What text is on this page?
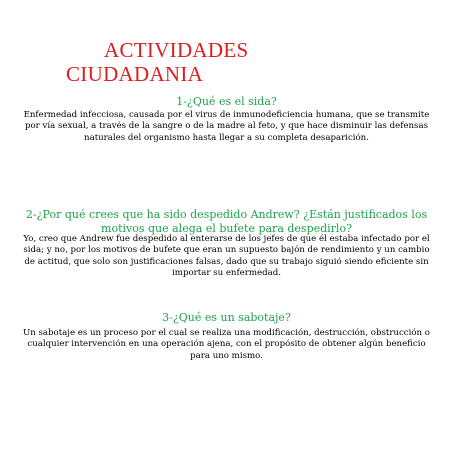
ACTIVIDADES
CIUDADANIA
1-¿Qué es el sida?

Enfermedad infecciosa, causada por el virus de inmunodeficiencia humana, que se transmite por vía sexual, a través de la sangre o de la madre al feto, y que hace disminuir las defensas naturales del organismo hasta llegar a su completa desaparición.

2-¿Por qué crees que ha sido despedido Andrew? ¿Están justificados los motivos que alega el bufete para despedirlo?

Yo, creo que Andrew fue despedido al enterarse de los jefes de que él estaba infectado por el sida; y no, por los motivos de bufete que eran un supuesto bajón de rendimiento y un cambio de actitud, que solo son justificaciones falsas, dado que su trabajo siguió siendo eficiente sin importar su enfermedad.

3-¿Qué es un sabotaje?

Un sabotaje es un proceso por el cual se realiza una modificación, destrucción, obstrucción o cualquier intervención en una operación ajena, con el propósito de obtener algún beneficio para uno mismo.
